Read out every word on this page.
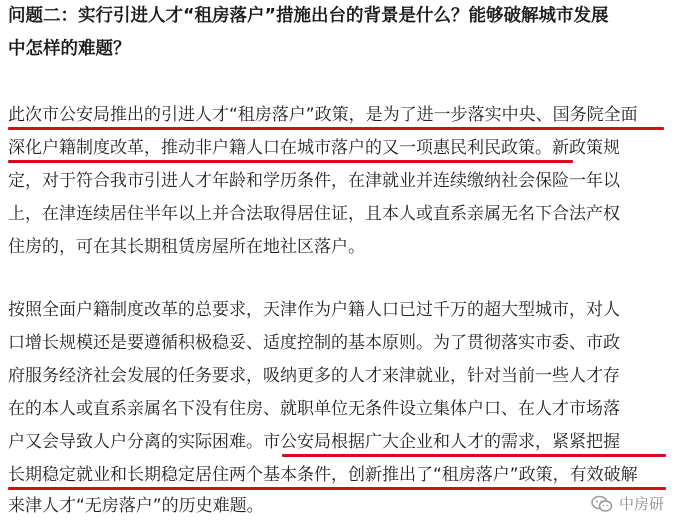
问题二：实行引进人才“租房落户”措施出台的背景是什么？能够破解城市发展
中怎样的难题？
此次市公安局推出的引进人才“租房落户”政策，是为了进一步落实中央、国务院全面
深化户籍制度改革，推动非户籍人口在城市落户的又一项惠民利民政策。新政策规
定，对于符合我市引进人才年龄和学历条件，在津就业并连续缴纳社会保险一年以
上，在津连续居住半年以上并合法取得居住证，且本人或直系亲属无名下合法产权
住房的，可在其长期租赁房屋所在地社区落户。
按照全面户籍制度改革的总要求，天津作为户籍人口已过千万的超大型城市，对人
口增长规模还是要遵循积极稳妥、适度控制的基本原则。为了贯彻落实市委、市政
府服务经济社会发展的任务要求，吸纳更多的人才来津就业，针对当前一些人才存
在的本人或直系亲属名下没有住房、就职单位无条件设立集体户口、在人才市场落
户又会导致人户分离的实际困难。市公安局根据广大企业和人才的需求，紧紧把握
长期稳定就业和长期稳定居住两个基本条件，创新推出了“租房落户”政策，有效破解
来津人才“无房落户”的历史难题。	中房研
